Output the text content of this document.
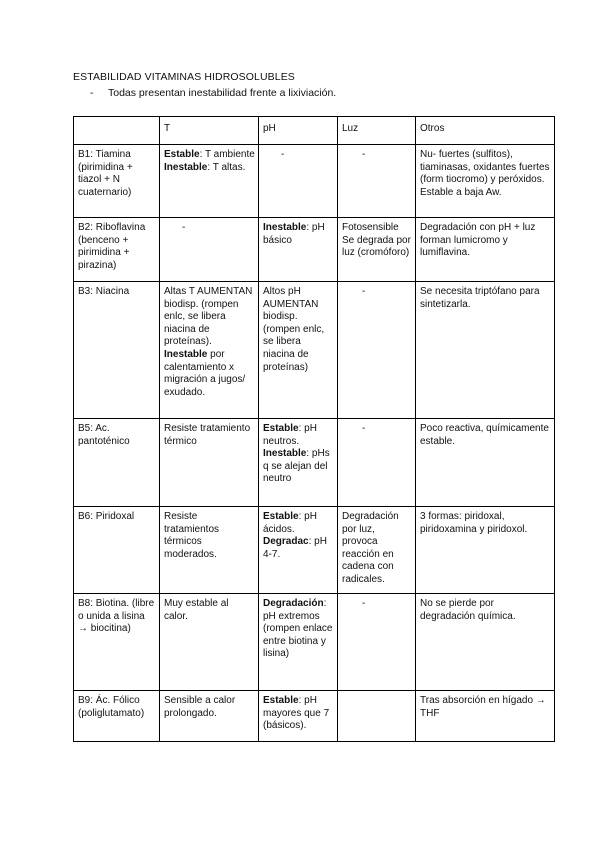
ESTABILIDAD VITAMINAS HIDROSOLUBLES
- Todas presentan inestabilidad frente a lixiviación.
	T	pH	Luz	Otros
B1: Tiamina (pirimidina + tiazol + N cuaternario)	Estable: T ambiente Inestable: T altas.	-	-	Nu- fuertes (sulfitos), tiaminasas, oxidantes fuertes (form tiocromo) y peróxidos. Estable a baja Aw.
B2: Riboflavina (benceno + pirimidina + pirazina)	-	Inestable: pH básico	Fotosensible Se degrada por luz (cromóforo)	Degradación con pH + luz forman lumicromo y lumiflavina.
B3: Niacina	Altas T AUMENTAN biodisp. (rompen enlc, se libera niacina de proteínas). Inestable por calentamiento x migración a jugos/ exudado.	Altos pH AUMENTAN biodisp. (rompen enlc, se libera niacina de proteínas)	-	Se necesita triptófano para sintetizarla.
B5: Ac. pantoténico	Resiste tratamiento térmico	Estable: pH neutros. Inestable: pHs q se alejan del neutro	-	Poco reactiva, químicamente estable.
B6: Piridoxal	Resiste tratamientos térmicos moderados.	Estable: pH ácidos. Degradac: pH 4-7.	Degradación por luz, provoca reacción en cadena con radicales.	3 formas: piridoxal, piridoxamina y piridoxol.
B8: Biotina. (libre o unida a lisina → biocitina)	Muy estable al calor.	Degradación: pH extremos (rompen enlace entre biotina y lisina)	-	No se pierde por degradación química.
B9: Ác. Fólico (poliglutamato)	Sensible a calor prolongado.	Estable: pH mayores que 7 (básicos).		Tras absorción en hígado → THF
